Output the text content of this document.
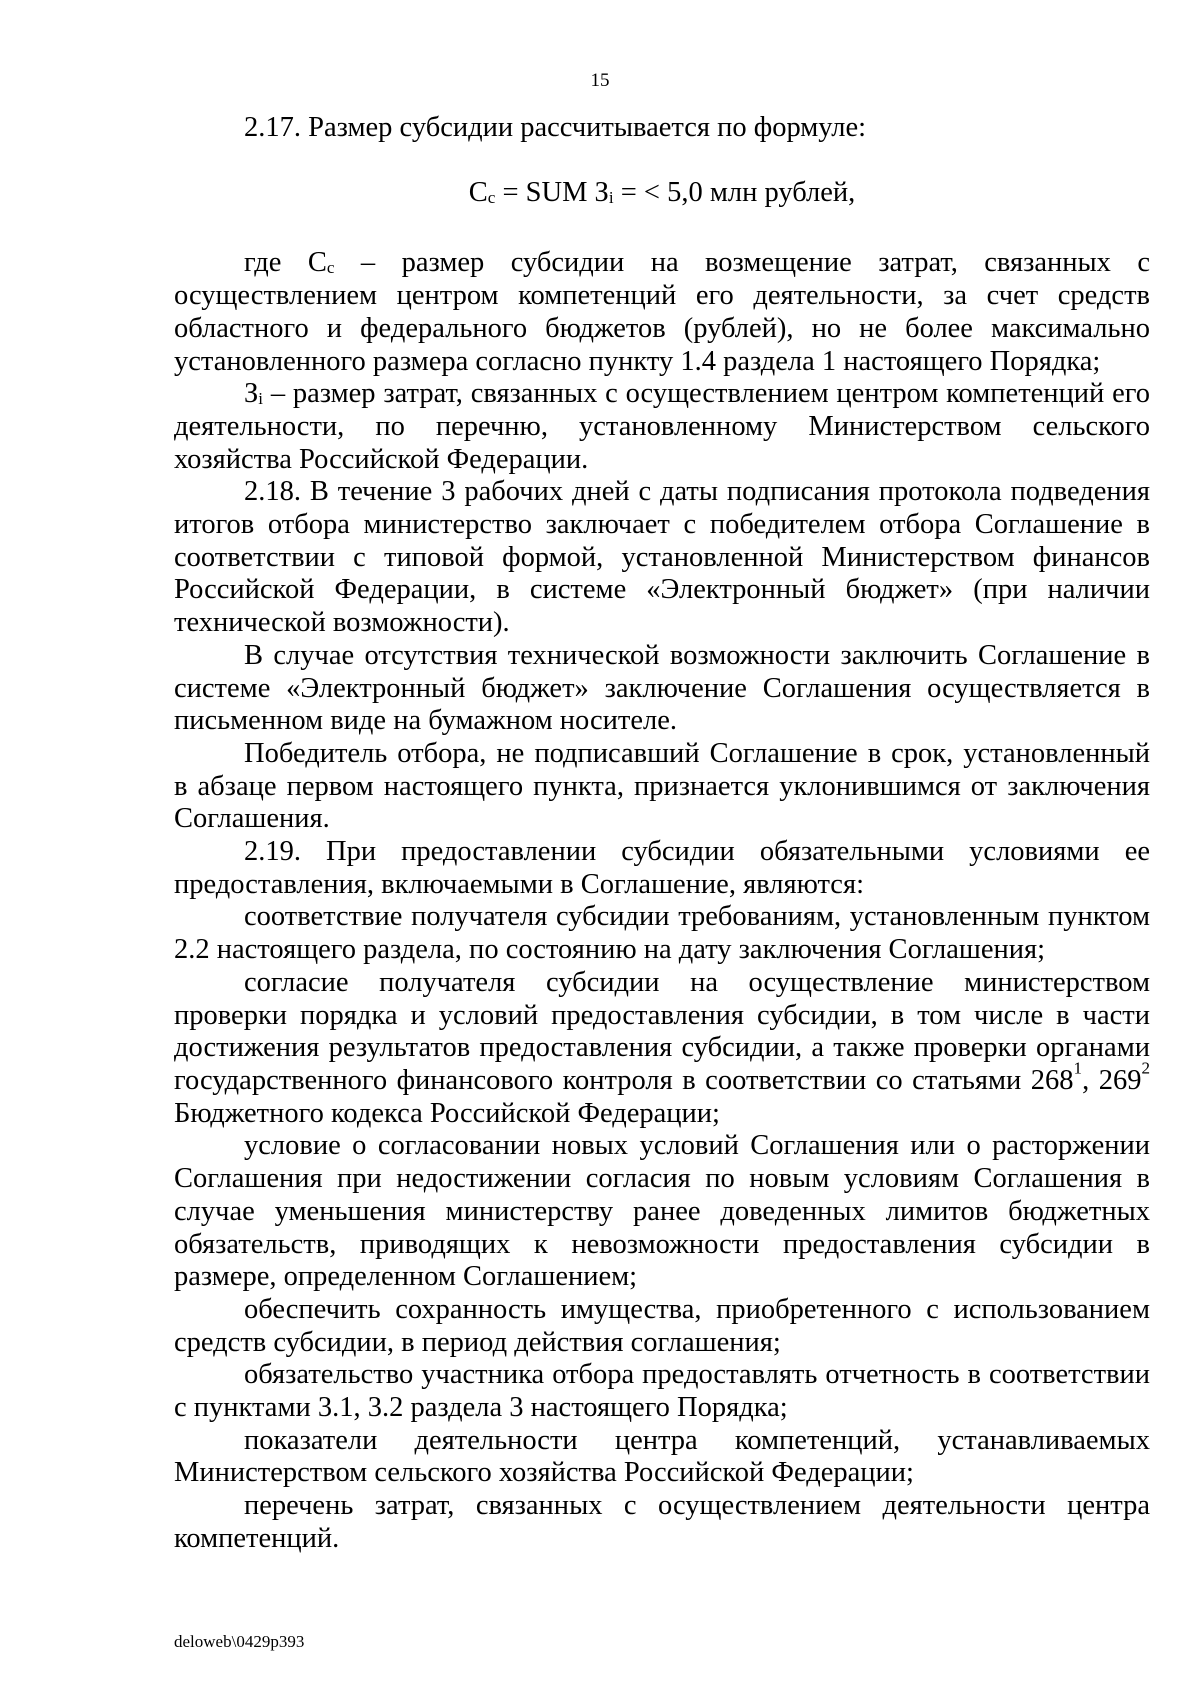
15

2.17. Размер субсидии рассчитывается по формуле:

$С_с$ = SUM $З_i$ = < 5,0 млн рублей,

где $С_с$ – размер субсидии на возмещение затрат, связанных с осуществлением центром компетенций его деятельности, за счет средств областного и федерального бюджетов (рублей), но не более максимально установленного размера согласно пункту 1.4 раздела 1 настоящего Порядка;

$З_i$ – размер затрат, связанных с осуществлением центром компетенций его деятельности, по перечню, установленному Министерством сельского хозяйства Российской Федерации.

2.18. В течение 3 рабочих дней с даты подписания протокола подведения итогов отбора министерство заключает с победителем отбора Соглашение в соответствии с типовой формой, установленной Министерством финансов Российской Федерации, в системе «Электронный бюджет» (при наличии технической возможности).

В случае отсутствия технической возможности заключить Соглашение в системе «Электронный бюджет» заключение Соглашения осуществляется в письменном виде на бумажном носителе.

Победитель отбора, не подписавший Соглашение в срок, установленный в абзаце первом настоящего пункта, признается уклонившимся от заключения Соглашения.

2.19. При предоставлении субсидии обязательными условиями ее предоставления, включаемыми в Соглашение, являются:

соответствие получателя субсидии требованиям, установленным пунктом 2.2 настоящего раздела, по состоянию на дату заключения Соглашения;

согласие получателя субсидии на осуществление министерством проверки порядка и условий предоставления субсидии, в том числе в части достижения результатов предоставления субсидии, а также проверки органами государственного финансового контроля в соответствии со статьями $268^1$, $269^2$ Бюджетного кодекса Российской Федерации;

условие о согласовании новых условий Соглашения или о расторжении Соглашения при недостижении согласия по новым условиям Соглашения в случае уменьшения министерству ранее доведенных лимитов бюджетных обязательств, приводящих к невозможности предоставления субсидии в размере, определенном Соглашением;

обеспечить сохранность имущества, приобретенного с использованием средств субсидии, в период действия соглашения;

обязательство участника отбора предоставлять отчетность в соответствии с пунктами 3.1, 3.2 раздела 3 настоящего Порядка;

показатели деятельности центра компетенций, устанавливаемых Министерством сельского хозяйства Российской Федерации;

перечень затрат, связанных с осуществлением деятельности центра компетенций.

deloweb\0429p393
